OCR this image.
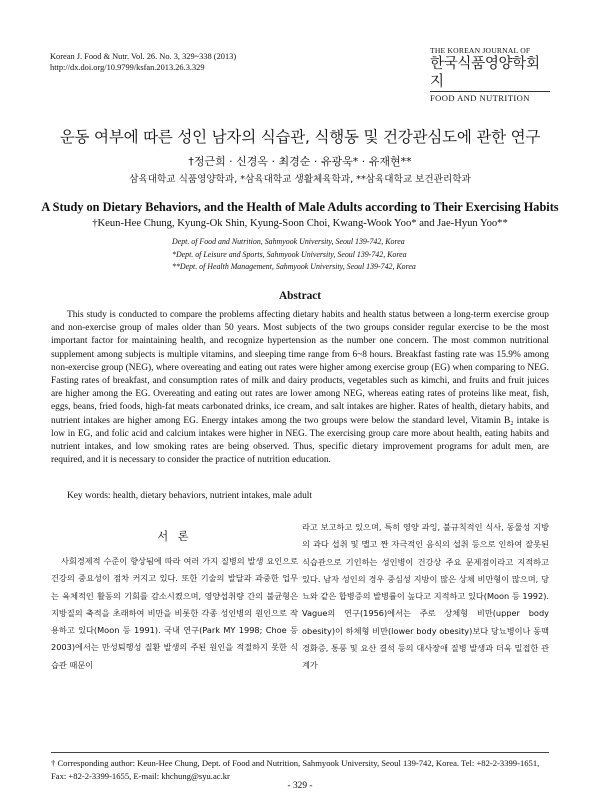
Korean J. Food & Nutr. Vol. 26. No. 3, 329~338 (2013)
http://dx.doi.org/10.9799/ksfan.2013.26.3.329
THE KOREAN JOURNAL OF
한국식품영양학회지
FOOD AND NUTRITION
운동 여부에 따른 성인 남자의 식습관, 식행동 및 건강관심도에 관한 연구
†정근희 · 신경옥 · 최경순 · 유광욱* · 유재현**
삼육대학교 식품영양학과, *삼육대학교 생활체육학과, **삼육대학교 보건관리학과
A Study on Dietary Behaviors, and the Health of Male Adults according to Their Exercising Habits
†Keun-Hee Chung, Kyung-Ok Shin, Kyung-Soon Choi, Kwang-Wook Yoo* and Jae-Hyun Yoo**
Dept. of Food and Nutrition, Sahmyook University, Seoul 139-742, Korea
*Dept. of Leisure and Sports, Sahmyook University, Seoul 139-742, Korea
**Dept. of Health Management, Sahmyook University, Seoul 139-742, Korea
Abstract
This study is conducted to compare the problems affecting dietary habits and health status between a long-term exercise group and non-exercise group of males older than 50 years. Most subjects of the two groups consider regular exercise to be the most important factor for maintaining health, and recognize hypertension as the number one concern. The most common nutritional supplement among subjects is multiple vitamins, and sleeping time range from 6~8 hours. Breakfast fasting rate was 15.9% among non-exercise group (NEG), where overeating and eating out rates were higher among exercise group (EG) when comparing to NEG. Fasting rates of breakfast, and consumption rates of milk and dairy products, vegetables such as kimchi, and fruits and fruit juices are higher among the EG. Overeating and eating out rates are lower among NEG, whereas eating rates of proteins like meat, fish, eggs, beans, fried foods, high-fat meats carbonated drinks, ice cream, and salt intakes are higher. Rates of health, dietary habits, and nutrient intakes are higher among EG. Energy intakes among the two groups were below the standard level, Vitamin B₂ intake is low in EG, and folic acid and calcium intakes were higher in NEG. The exercising group care more about health, eating habits and nutrient intakes, and low smoking rates are being observed. Thus, specific dietary improvement programs for adult men, are required, and it is necessary to consider the practice of nutrition education.
Key words: health, dietary behaviors, nutrient intakes, male adult
서 론
사회경제적 수준이 향상됨에 따라 여러 가지 질병의 발생 요인으로 건강의 중요성이 점차 커지고 있다. 또한 기술의 발달과 과중한 업무는 육체적인 활동의 기회를 감소시켰으며, 영양섭취량 간의 불균형은 지방질의 축적을 초래하여 비만을 비롯한 각종 성인병의 원인으로 작용하고 있다(Moon 등 1991). 국내 연구(Park MY 1998; Choe 등 2003)에서는 만성퇴행성 질환 발생의 주된 원인을 적절하지 못한 식습관 때문이
라고 보고하고 있으며, 특히 영양 과잉, 불규칙적인 식사, 동물성 지방의 과다 섭취 및 맵고 짠 자극적인 음식의 섭취 등으로 인하여 잘못된 식습관으로 기인하는 성인병이 건강상 주요 문제점이라고 지적하고 있다. 남자 성인의 경우 중심성 지방이 많은 상체 비만형이 많으며, 당뇨와 같은 합병증의 발병률이 높다고 지적하고 있다(Moon 등 1992). Vague의 연구(1956)에서는 주로 상체형 비만(upper body obesity)이 하체형 비만(lower body obesity)보다 당뇨병이나 동맥경화증, 통풍 및 요산 결석 등의 대사장애 질병 발생과 더욱 밀접한 관계가
† Corresponding author: Keun-Hee Chung, Dept. of Food and Nutrition, Sahmyook University, Seoul 139-742, Korea. Tel: +82-2-3399-1651, Fax: +82-2-3399-1655, E-mail: khchung@syu.ac.kr
- 329 -
